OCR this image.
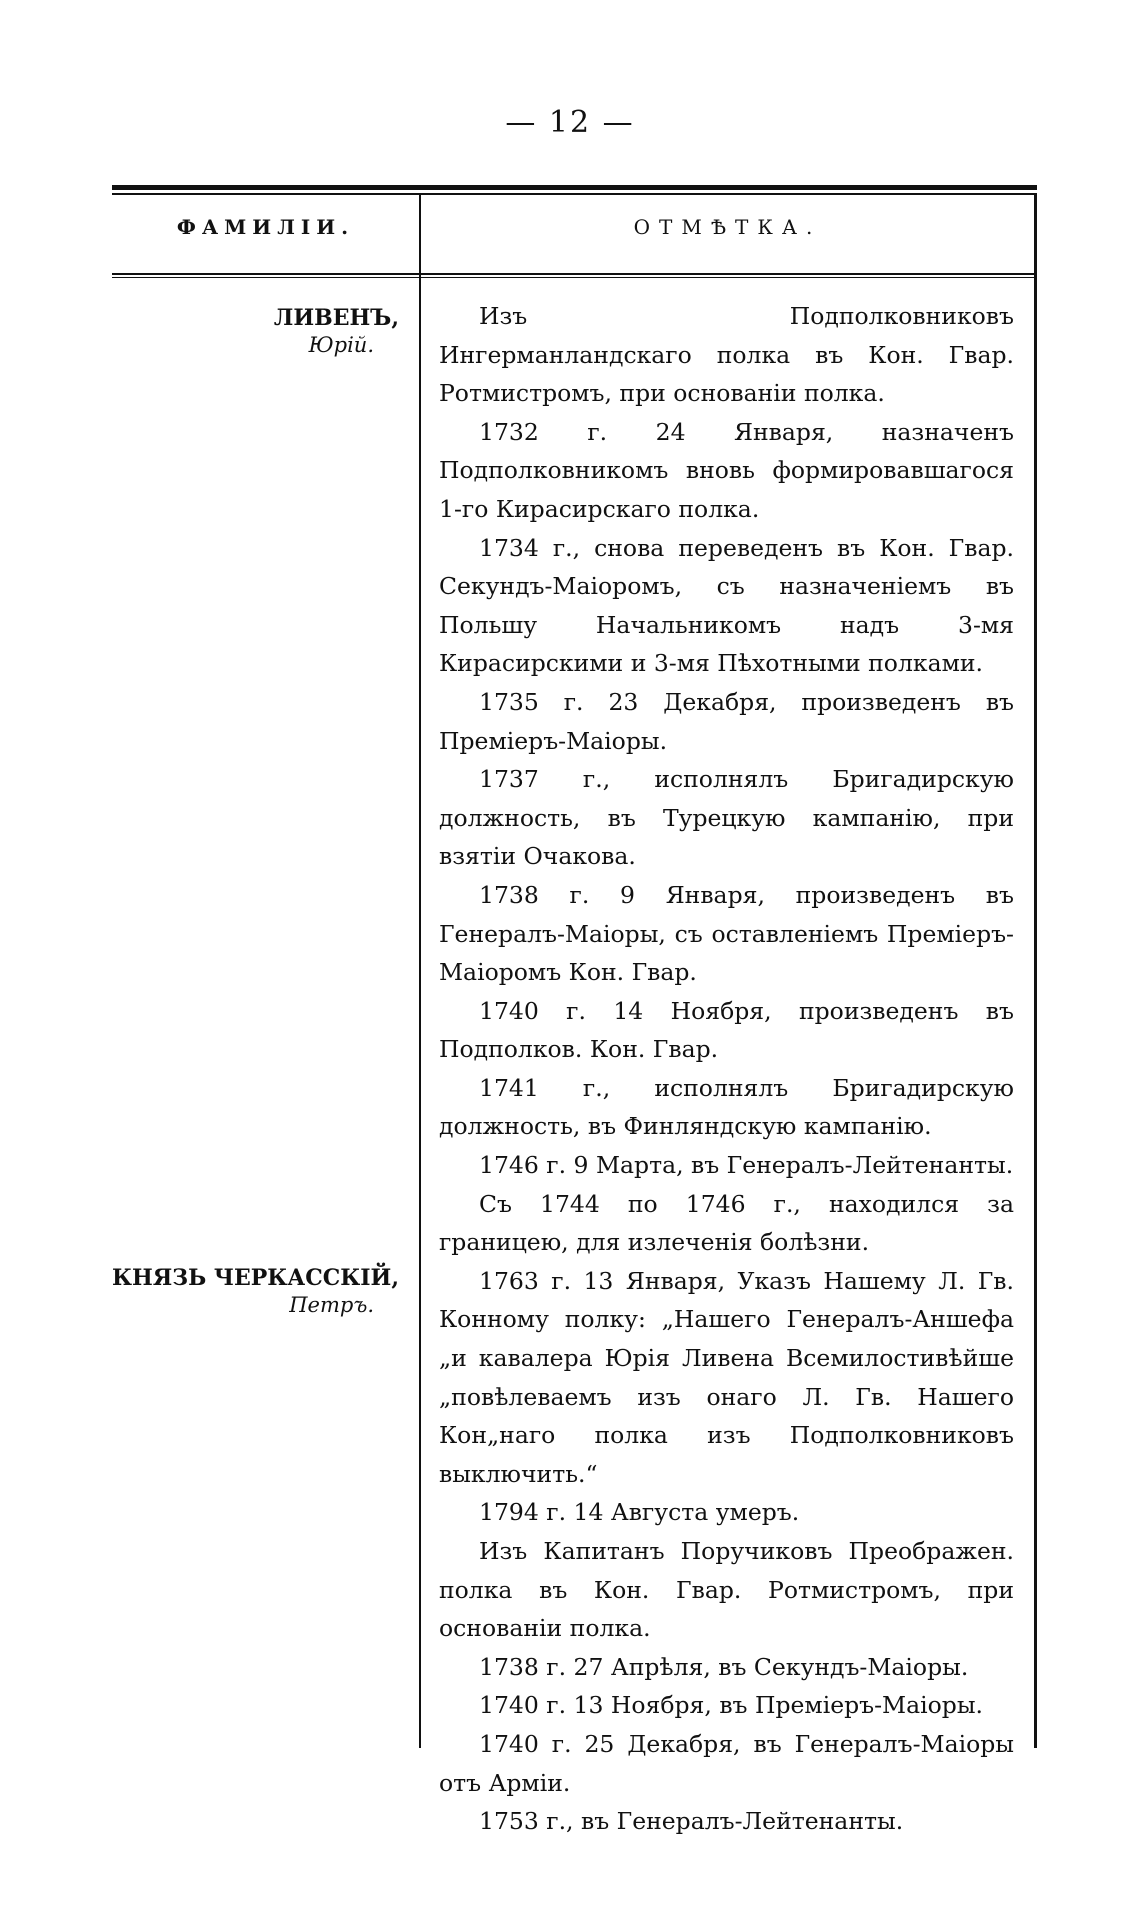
— 12 —
ФАМИЛІИ.	ОТМѢТКА.
ЛИВЕНЪ,
Юрій.
КНЯЗЬ ЧЕРКАССКІЙ,
Петръ.

Изъ Подполковниковъ Ингерманландскаго полка въ Кон. Гвар. Ротмистромъ, при основаніи полка.

1732 г. 24 Января, назначенъ Подполковникомъ вновь формировавшагося 1-го Кирасирскаго полка.

1734 г., снова переведенъ въ Кон. Гвар. Секундъ-Маіоромъ, съ назначеніемъ въ Польшу Начальникомъ надъ 3-мя Кирасирскими и 3-мя Пѣхотными полками.

1735 г. 23 Декабря, произведенъ въ Преміеръ-Маіоры.

1737 г., исполнялъ Бригадирскую должность, въ Турецкую кампанію, при взятіи Очакова.

1738 г. 9 Января, произведенъ въ Генералъ-Маіоры, съ оставленіемъ Преміеръ-Маіоромъ Кон. Гвар.

1740 г. 14 Ноября, произведенъ въ Подполков. Кон. Гвар.

1741 г., исполнялъ Бригадирскую должность, въ Финляндскую кампанію.

1746 г. 9 Марта, въ Генералъ-Лейтенанты.

Съ 1744 по 1746 г., находился за границею, для излеченія болѣзни.

1763 г. 13 Января, Указъ Нашему Л. Гв. Конному полку: „Нашего Генералъ-Аншефа „и кавалера Юрія Ливена Всемилостивѣйше „повѣлеваемъ изъ онаго Л. Гв. Нашего Кон„наго полка изъ Подполковниковъ выключить.“

1794 г. 14 Августа умеръ.

Изъ Капитанъ Поручиковъ Преображен. полка въ Кон. Гвар. Ротмистромъ, при основаніи полка.

1738 г. 27 Апрѣля, въ Секундъ-Маіоры.

1740 г. 13 Ноября, въ Преміеръ-Маіоры.

1740 г. 25 Декабря, въ Генералъ-Маіоры отъ Арміи.

1753 г., въ Генералъ-Лейтенанты.
